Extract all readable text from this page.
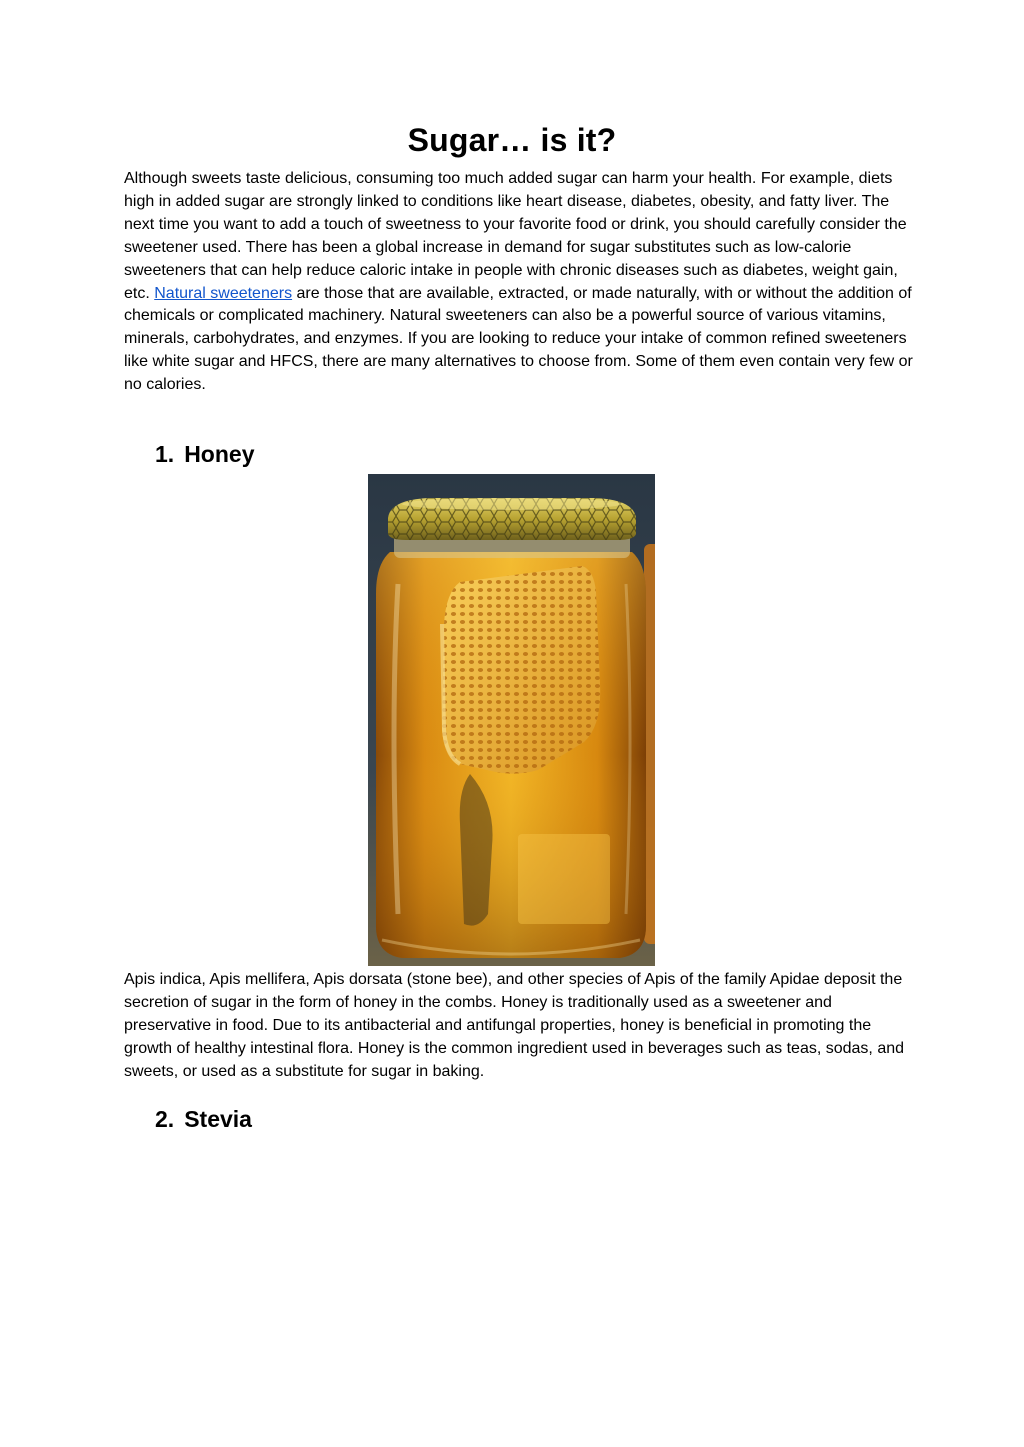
Sugar… is it?

Although sweets taste delicious, consuming too much added sugar can harm your health. For example, diets high in added sugar are strongly linked to conditions like heart disease, diabetes, obesity, and fatty liver. The next time you want to add a touch of sweetness to your favorite food or drink, you should carefully consider the sweetener used. There has been a global increase in demand for sugar substitutes such as low-calorie sweeteners that can help reduce caloric intake in people with chronic diseases such as diabetes, weight gain, etc. Natural sweeteners are those that are available, extracted, or made naturally, with or without the addition of chemicals or complicated machinery. Natural sweeteners can also be a powerful source of various vitamins, minerals, carbohydrates, and enzymes. If you are looking to reduce your intake of common refined sweeteners like white sugar and HFCS, there are many alternatives to choose from. Some of them even contain very few or no calories.

1. Honey

Apis indica, Apis mellifera, Apis dorsata (stone bee), and other species of Apis of the family Apidae deposit the secretion of sugar in the form of honey in the combs. Honey is traditionally used as a sweetener and preservative in food. Due to its antibacterial and antifungal properties, honey is beneficial in promoting the growth of healthy intestinal flora. Honey is the common ingredient used in beverages such as teas, sodas, and sweets, or used as a substitute for sugar in baking.

2. Stevia
